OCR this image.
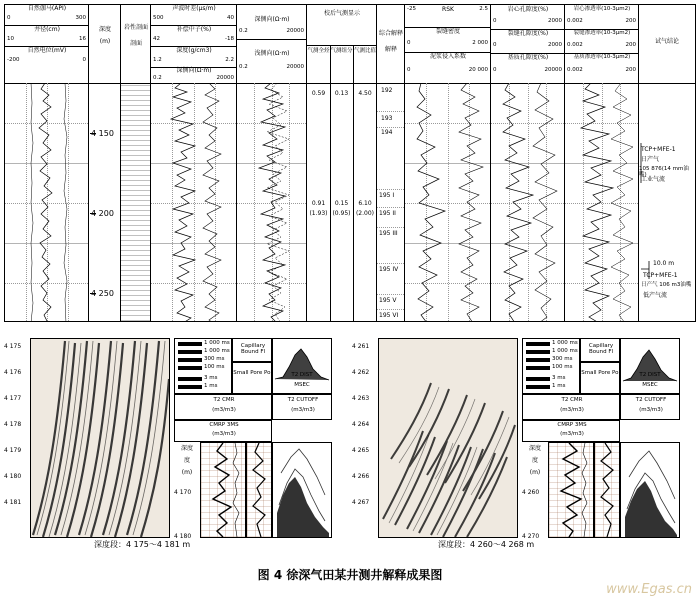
自然伽马(API)
0	300
井径(cm)
10	16
自然电位(mV)
-200	0
深度
(m)
岩性剖面
剖面
声波时差(μs/m)
500	40
补偿中子(%)
42	-18
深度(g/cm3)
1.2	2.2
深侧向(Ω·m)
0.2	20000
深侧向(Ω·m)
0.2	20000
浅侧向(Ω·m)
0.2	20000
校后气测显示
气测全烃 气测组分 气测比值
综合解释
解释
RSK
-25	2.5
裂缝密度
0	2 000
泥浆侵入系数
0	20 000
岩心孔隙度(%)
0	2000
裂缝孔隙度(%)
0	2000
基质孔隙度(%)
0	20000
岩心渗透率(10-3μm2)
0.002	200
裂缝渗透率(10-3μm2)
0.002	200
基质渗透率(10-3μm2)
0.002	200
试气结论
4 150
4 200
4 250
0.59	0.13	4.50
0.91	0.15	6.10
(1.93) (0.95) (2.00)
192
193
194
195 I
195 II
195 III
195 IV
195 V
195 VI
TCP+MFE-1
日产气
105 876(14 mm油嘴)
工业气流
10.0 m
TCP+MFE-1
日产气 106 m3油嘴
低产气流
4 175
4 176
4 177
4 178
4 179
4 180
4 181
1 000 ms
1 000 ms
300 ms
100 ms
3 ms
1 ms
Capillary Bound Fl
Small Pore Por	T2 DIST
MSEC
T2 CMR
(m3/m3)
T2 CUTOFF
(m3/m3)
CMRP 3MS
(m3/m3)
深度
度
(m)
4 170
4 180
深度段：4 175～4 181 m
4 261
4 262
4 263
4 264
4 265
4 266
4 267
1 000 ms
1 000 ms
300 ms
100 ms
3 ms
1 ms
Capillary Bound Fl
Small Pore Por	T2 DIST
MSEC
T2 CMR
(m3/m3)
T2 CUTOFF
(m3/m3)
CMRP 3MS
(m3/m3)
深度
度
(m)
4 260
4 270
深度段：4 260～4 268 m
图 4 徐深气田某井测井解释成果图
www.Egas.cn
